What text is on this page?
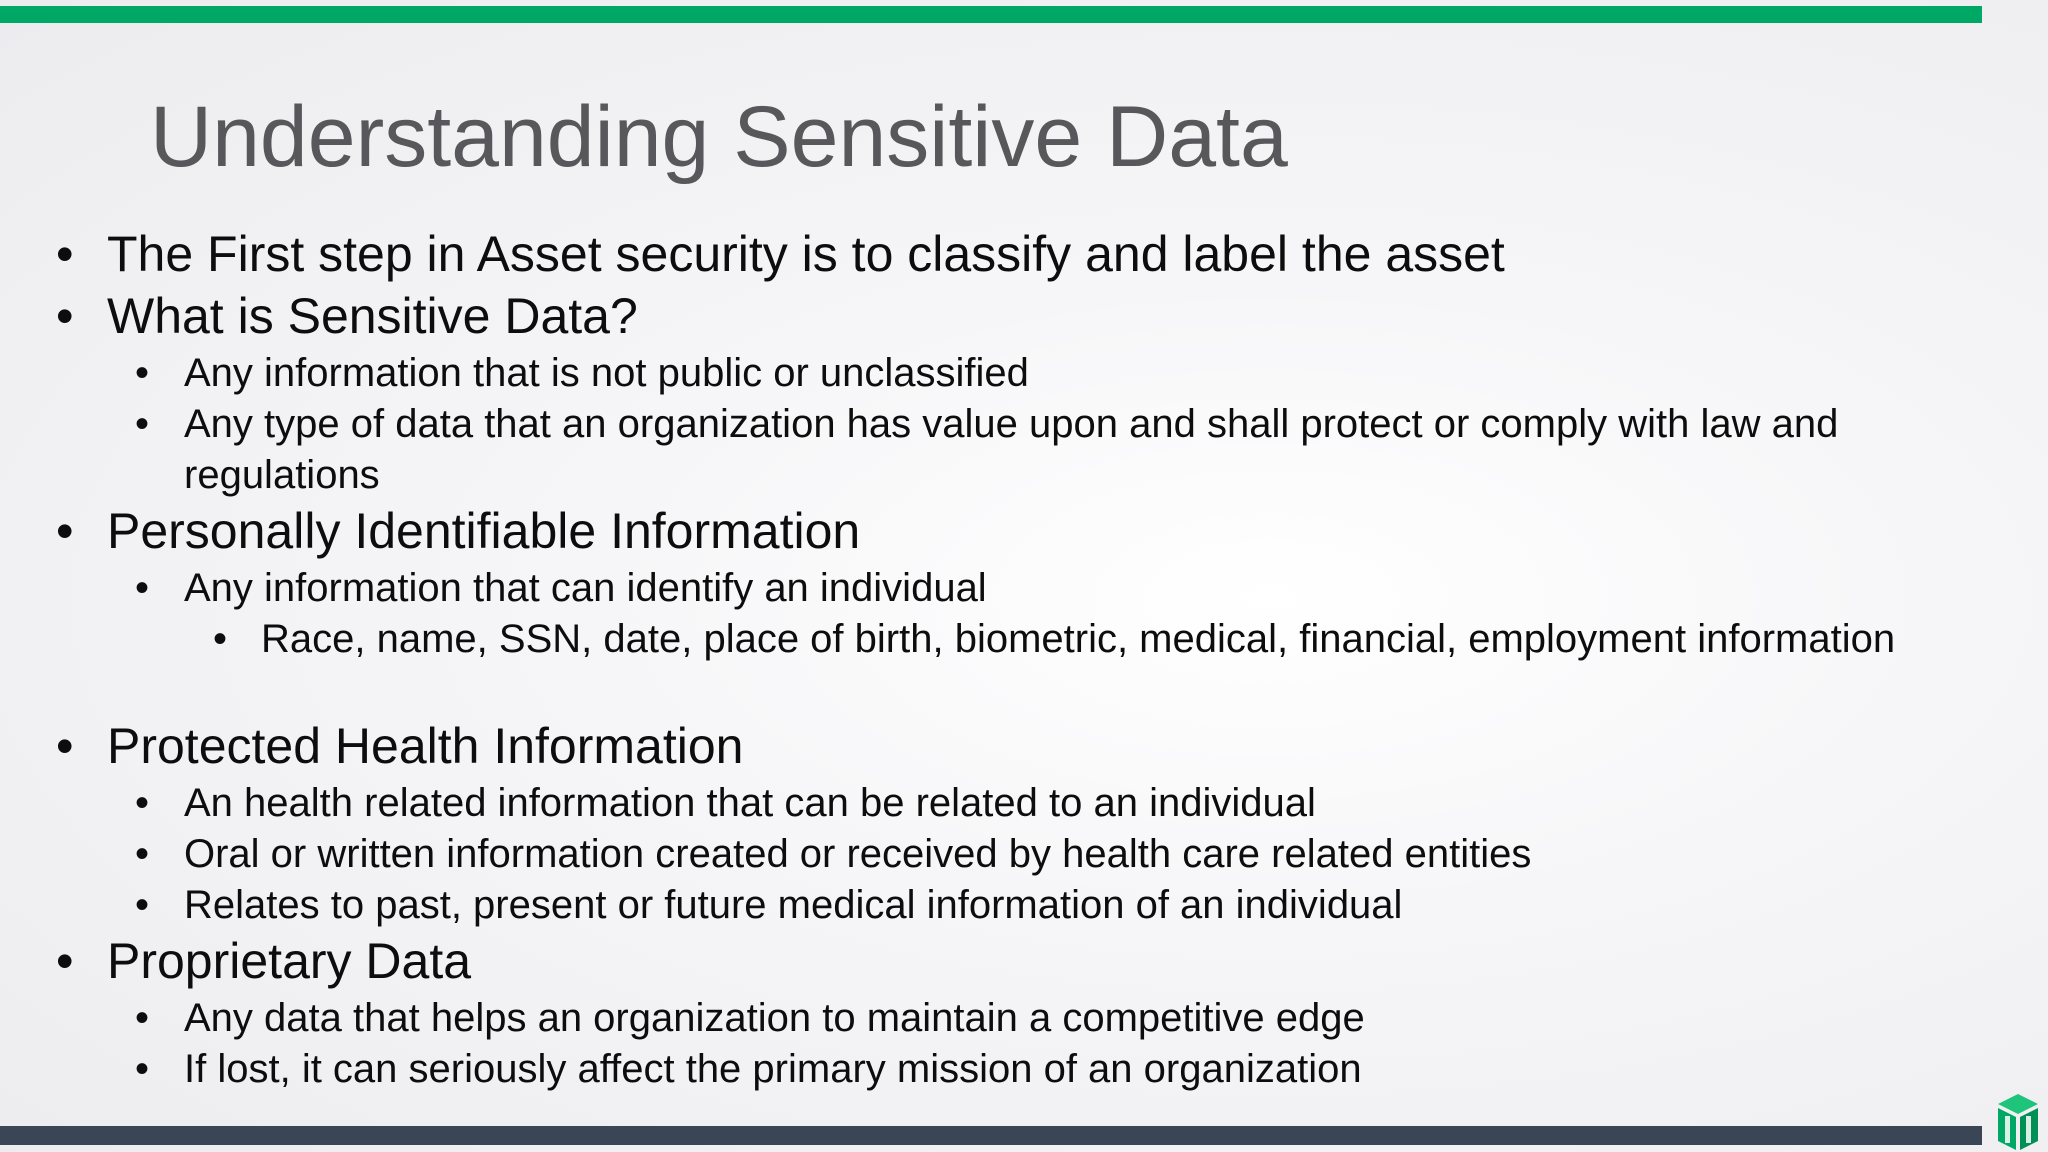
Understanding Sensitive Data
• The First step in Asset security is to classify and label the asset
• What is Sensitive Data?
• Any information that is not public or unclassified
• Any type of data that an organization has value upon and shall protect or comply with law and regulations
• Personally Identifiable Information
• Any information that can identify an individual
• Race, name, SSN, date, place of birth, biometric, medical, financial, employment information
• Protected Health Information
• An health related information that can be related to an individual
• Oral or written information created or received by health care related entities
• Relates to past, present or future medical information of an individual
• Proprietary Data
• Any data that helps an organization to maintain a competitive edge
• If lost, it can seriously affect the primary mission of an organization
